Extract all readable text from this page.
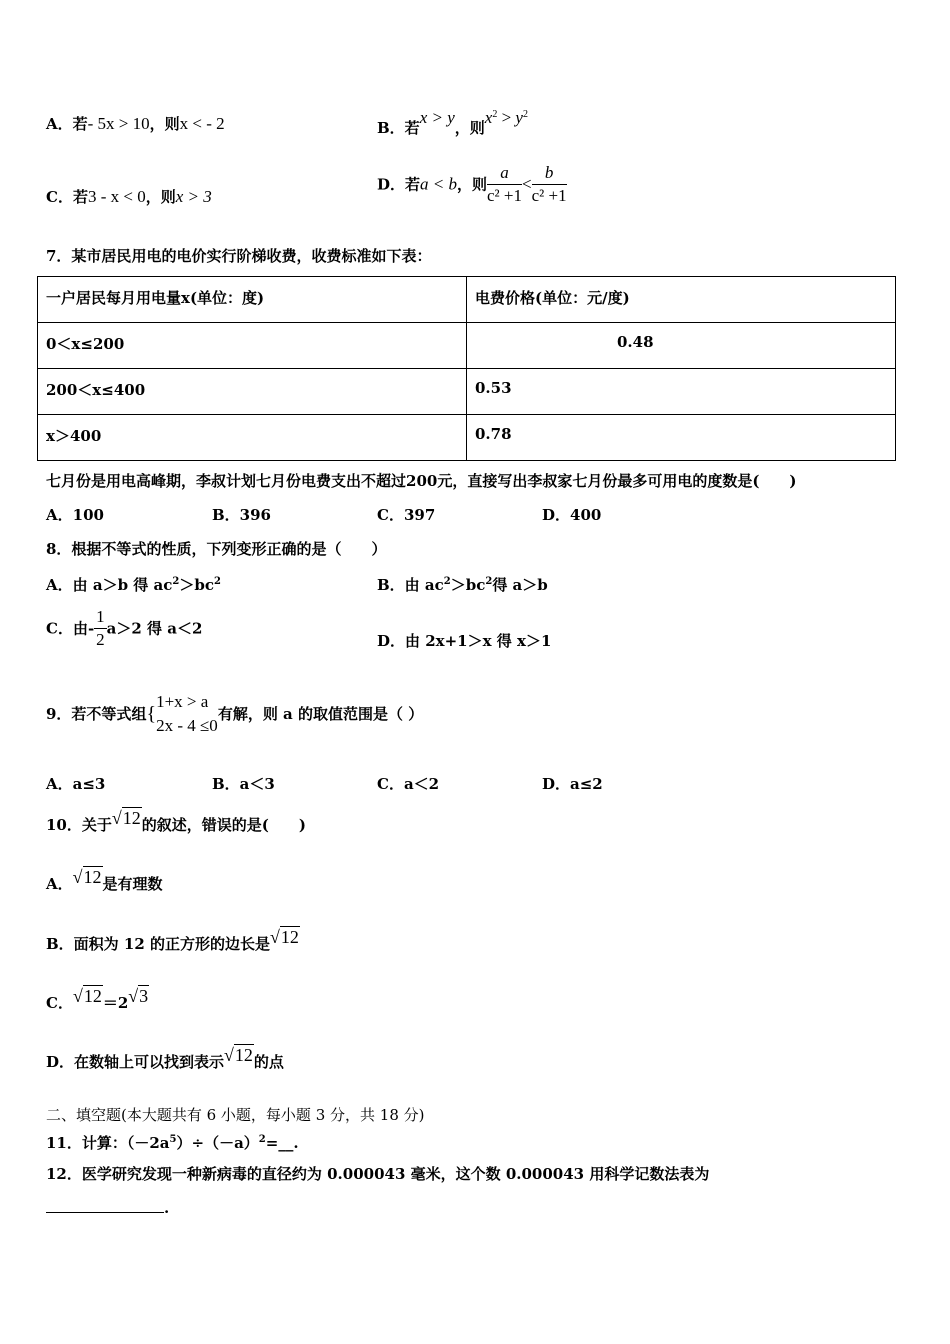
A．若- 5x > 10，则x < - 2	B．若x > y，则$x^2 > y^2$
C．若3 - x < 0，则x > 3
D．若a < b，则 $\frac{a}{\text{c² +1}} < \frac{b}{\text{c² +1}}$
7．某市居民用电的电价实行阶梯收费，收费标准如下表：
一户居民每月用电量x(单位：度)	电费价格(单位：元/度)
0＜x≤200	0.48
200＜x≤400	0.53
x＞400	0.78
七月份是用电高峰期，李叔计划七月份电费支出不超过200元，直接写出李叔家七月份最多可用电的度数是(　　)
A．100	B．396	C．397	D．400
8．根据不等式的性质，下列变形正确的是（　　）
A．由 a＞b 得 $ac^2>bc^2$	B．由 $ac^2>bc^2$得 a＞b
C．由- $\frac{1}{2} a>2$ 得 a＜2
D．由 2x+1＞x 得 x＞1
9．若不等式组{
1+x > a
2x - 4 ≤0
有解，则 a 的取值范围是（ ）
A．a≤3	B．a＜3	C．a＜2	D．a≤2
10．关于√12的叙述，错误的是(　　)
A．√12是有理数
B．面积为 12 的正方形的边长是√12
C．√12＝2√3
D．在数轴上可以找到表示√12的点
二、填空题(本大题共有 6 小题，每小题 3 分，共 18 分)
11．计算：$(-2a^5)\div(-a)^2=\_\_$.
12．医学研究发现一种新病毒的直径约为 0.000043 毫米，这个数 0.000043 用科学记数法表为
.
